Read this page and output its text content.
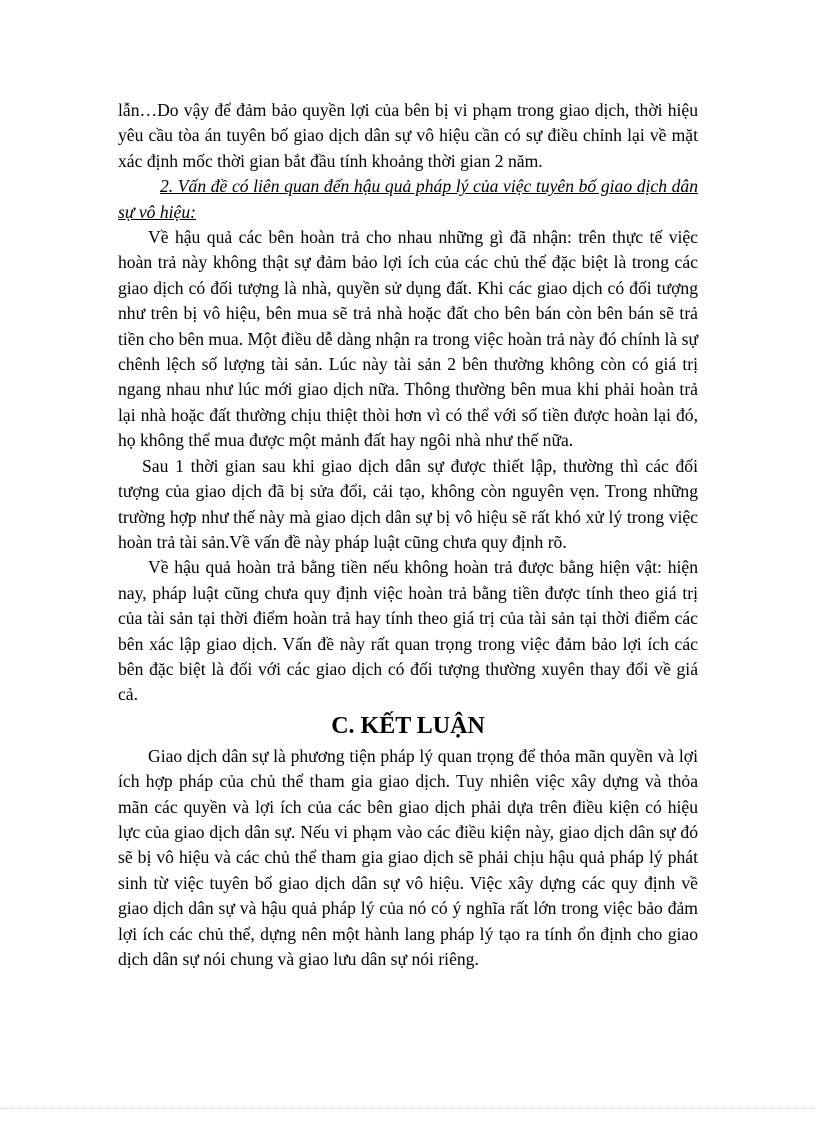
lẫn…Do vậy để đảm bảo quyền lợi của bên bị vi phạm trong giao dịch, thời hiệu yêu cầu tòa án tuyên bố giao dịch dân sự vô hiệu cần có sự điều chỉnh lại về mặt xác định mốc thời gian bắt đầu tính khoảng thời gian 2 năm.

2. Vấn đề có liên quan đến hậu quả pháp lý của việc tuyên bố giao dịch dân sự vô hiệu:

Về hậu quả các bên hoàn trả cho nhau những gì đã nhận: trên thực tế việc hoàn trả này không thật sự đảm bảo lợi ích của các chủ thể đặc biệt là trong các giao dịch có đối tượng là nhà, quyền sử dụng đất. Khi các giao dịch có đối tượng như trên bị vô hiệu, bên mua sẽ trả nhà hoặc đất cho bên bán còn bên bán sẽ trả tiền cho bên mua. Một điều dễ dàng nhận ra trong việc hoàn trả này đó chính là sự chênh lệch số lượng tài sản. Lúc này tài sản 2 bên thường không còn có giá trị ngang nhau như lúc mới giao dịch nữa. Thông thường bên mua khi phải hoàn trả lại nhà hoặc đất thường chịu thiệt thòi hơn vì có thể với số tiền được hoàn lại đó, họ không thể mua được một mảnh đất hay ngôi nhà như thế nữa.

Sau 1 thời gian sau khi giao dịch dân sự được thiết lập, thường thì các đối tượng của giao dịch đã bị sửa đổi, cải tạo, không còn nguyên vẹn. Trong những trường hợp như thế này mà giao dịch dân sự bị vô hiệu sẽ rất khó xử lý trong việc hoàn trả tài sản.Về vấn đề này pháp luật cũng chưa quy định rõ.

Về hậu quả hoàn trả bằng tiền nếu không hoàn trả được bằng hiện vật: hiện nay, pháp luật cũng chưa quy định việc hoàn trả bằng tiền được tính theo giá trị của tài sản tại thời điểm hoàn trả hay tính theo giá trị của tài sản tại thời điểm các bên xác lập giao dịch. Vấn đề này rất quan trọng trong việc đảm bảo lợi ích các bên đặc biệt là đối với các giao dịch có đối tượng thường xuyên thay đổi về giá cả.

C. KẾT LUẬN

Giao dịch dân sự là phương tiện pháp lý quan trọng để thỏa mãn quyền và lợi ích hợp pháp của chủ thể tham gia giao dịch. Tuy nhiên việc xây dựng và thỏa mãn các quyền và lợi ích của các bên giao dịch phải dựa trên điều kiện có hiệu lực của giao dịch dân sự. Nếu vi phạm vào các điều kiện này, giao dịch dân sự đó sẽ bị vô hiệu và các chủ thể tham gia giao dịch sẽ phải chịu hậu quả pháp lý phát sinh từ việc tuyên bố giao dịch dân sự vô hiệu. Việc xây dựng các quy định về giao dịch dân sự và hậu quả pháp lý của nó có ý nghĩa rất lớn trong việc bảo đảm lợi ích các chủ thể, dựng nên một hành lang pháp lý tạo ra tính ổn định cho giao dịch dân sự nói chung và giao lưu dân sự nói riêng.
